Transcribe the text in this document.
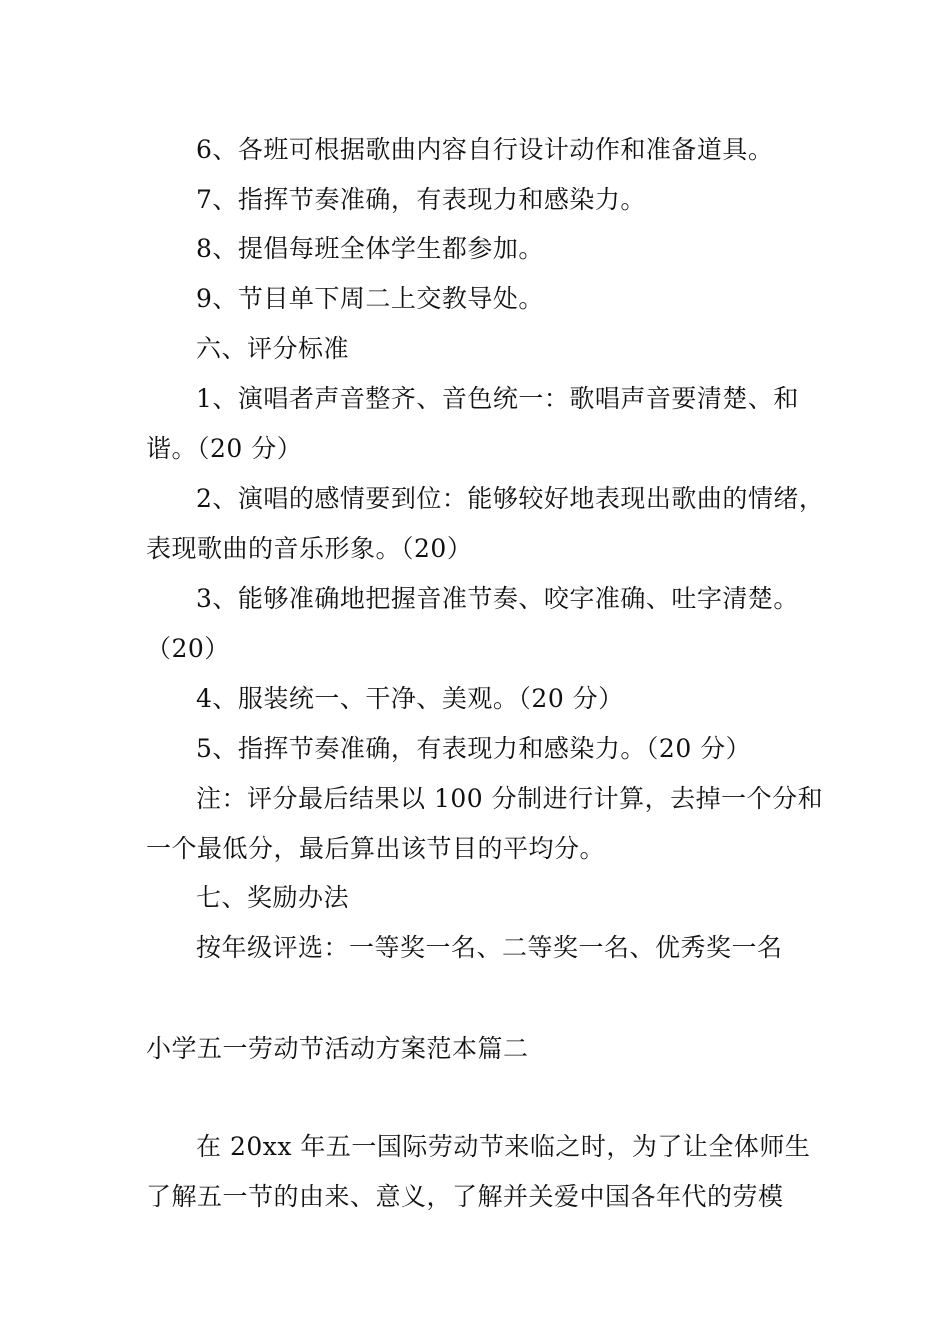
6、各班可根据歌曲内容自行设计动作和准备道具。
7、指挥节奏准确，有表现力和感染力。
8、提倡每班全体学生都参加。
9、节目单下周二上交教导处。
六、评分标准
1、演唱者声音整齐、音色统一：歌唱声音要清楚、和
谐。（20 分）
2、演唱的感情要到位：能够较好地表现出歌曲的情绪，
表现歌曲的音乐形象。（20）
3、能够准确地把握音准节奏、咬字准确、吐字清楚。
（20）
4、服装统一、干净、美观。（20 分）
5、指挥节奏准确，有表现力和感染力。（20 分）
注：评分最后结果以 100 分制进行计算，去掉一个分和
一个最低分，最后算出该节目的平均分。
七、奖励办法
按年级评选：一等奖一名、二等奖一名、优秀奖一名
小学五一劳动节活动方案范本篇二
在 20xx 年五一国际劳动节来临之时，为了让全体师生
了解五一节的由来、意义，了解并关爱中国各年代的劳模
